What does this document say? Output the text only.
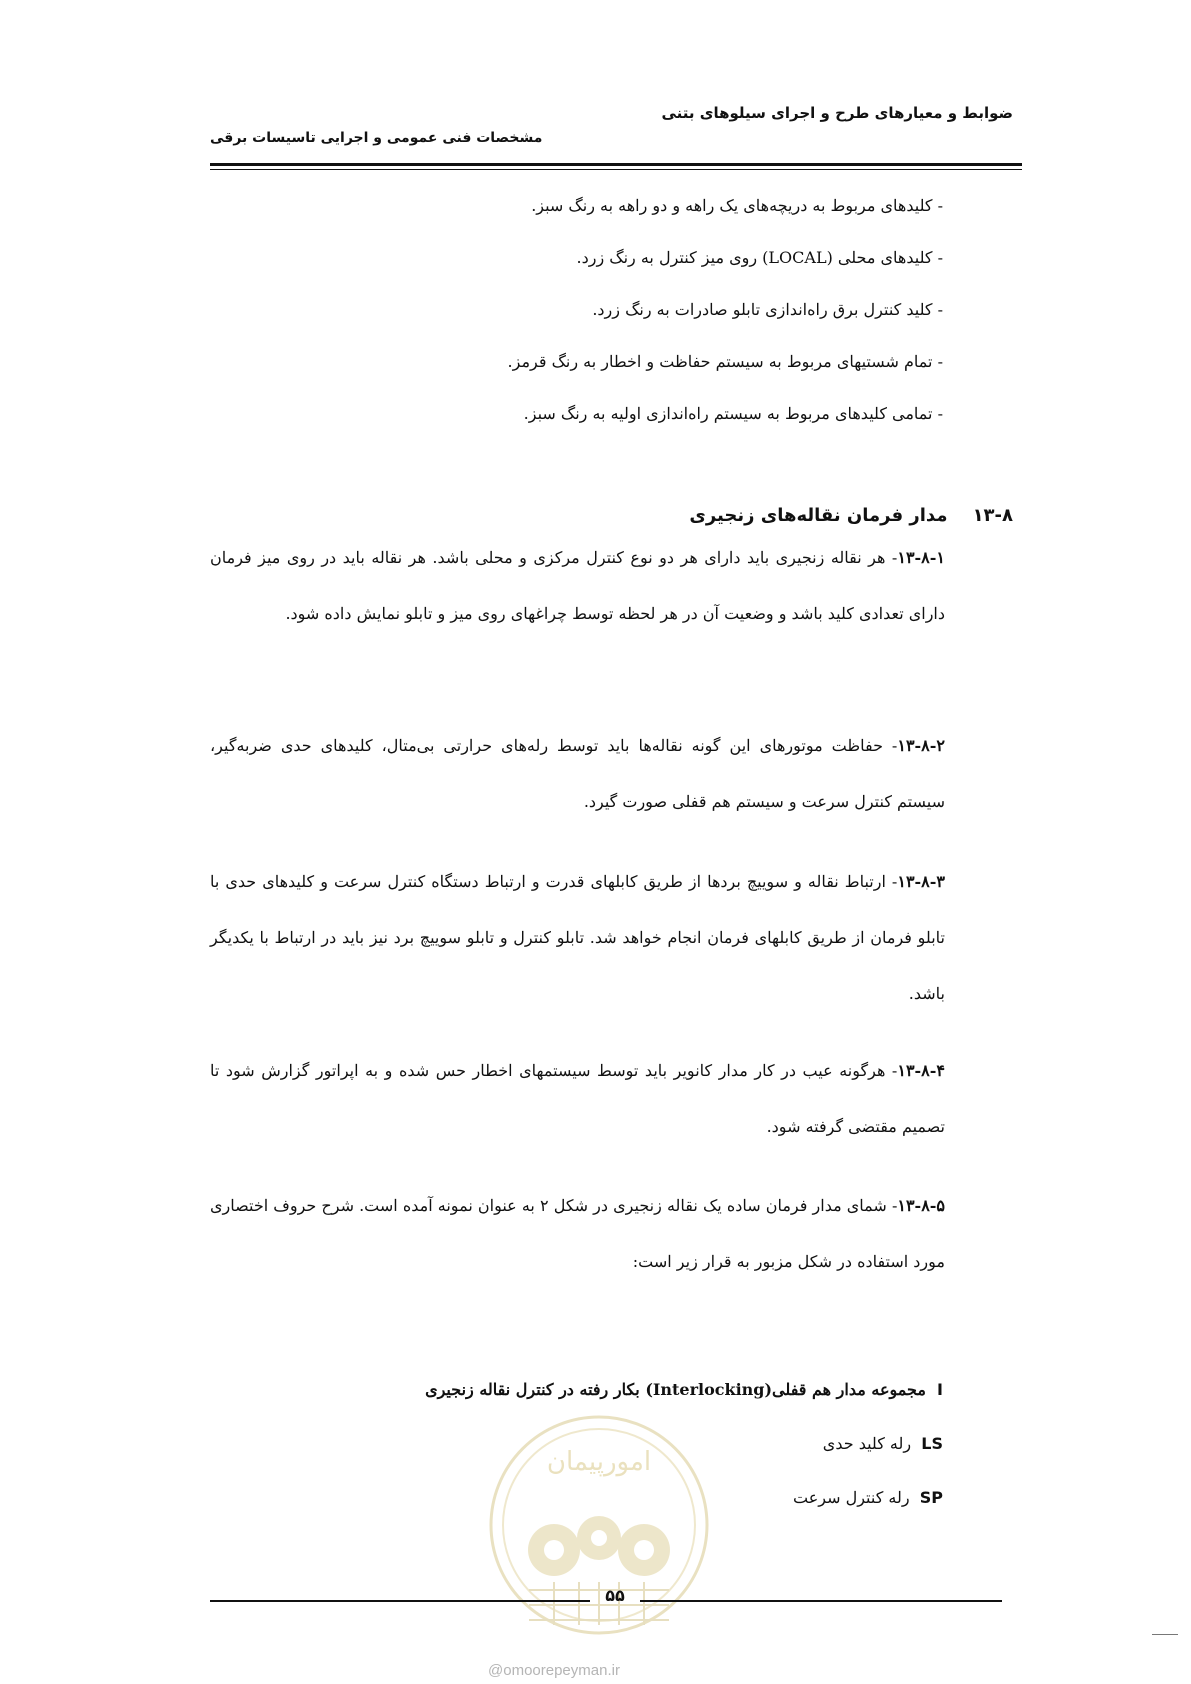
ضوابط و معیارهای طرح و اجرای سیلوهای بتنی
مشخصات فنی عمومی و اجرایی تاسیسات برقی
- کلیدهای مربوط به دریچه‌های یک راهه و دو راهه به رنگ سبز.
- کلیدهای محلی (LOCAL) روی میز کنترل به رنگ زرد.
- کلید کنترل برق راه‌اندازی تابلو صادرات به رنگ زرد.
- تمام شستیهای مربوط به سیستم حفاظت و اخطار به رنگ قرمز.
- تمامی کلیدهای مربوط به سیستم راه‌اندازی اولیه به رنگ سبز.
۱۳-۸    مدار فرمان نقاله‌های زنجیری
۱۳-۸-۱- هر نقاله زنجیری باید دارای هر دو نوع کنترل مرکزی و محلی باشد. هر نقاله باید در روی میز فرمان دارای تعدادی کلید باشد و وضعیت آن در هر لحظه توسط چراغهای روی میز و تابلو نمایش داده شود.
۱۳-۸-۲- حفاظت موتورهای این گونه نقاله‌ها باید توسط رله‌های حرارتی بی‌متال، کلیدهای حدی ضربه‌گیر، سیستم کنترل سرعت و سیستم هم قفلی صورت گیرد.
۱۳-۸-۳- ارتباط نقاله و سوییچ بردها از طریق کابلهای قدرت و ارتباط دستگاه کنترل سرعت و کلیدهای حدی با تابلو فرمان از طریق کابلهای فرمان انجام خواهد شد. تابلو کنترل و تابلو سوییچ برد نیز باید در ارتباط با یکدیگر باشد.
۱۳-۸-۴- هرگونه عیب در کار مدار کانویر باید توسط سیستمهای اخطار حس شده و به اپراتور گزارش شود تا تصمیم مقتضی گرفته شود.
۱۳-۸-۵- شمای مدار فرمان ساده یک نقاله زنجیری در شکل ۲ به عنوان نمونه آمده است. شرح حروف اختصاری مورد استفاده در شکل مزبور به قرار زیر است:
I  مجموعه مدار هم قفلی(Interlocking) بکار رفته در کنترل نقاله زنجیری
LS  رله کلید حدی
SP  رله کنترل سرعت
امورپیمان
۵۵
@omoorepeyman.ir
